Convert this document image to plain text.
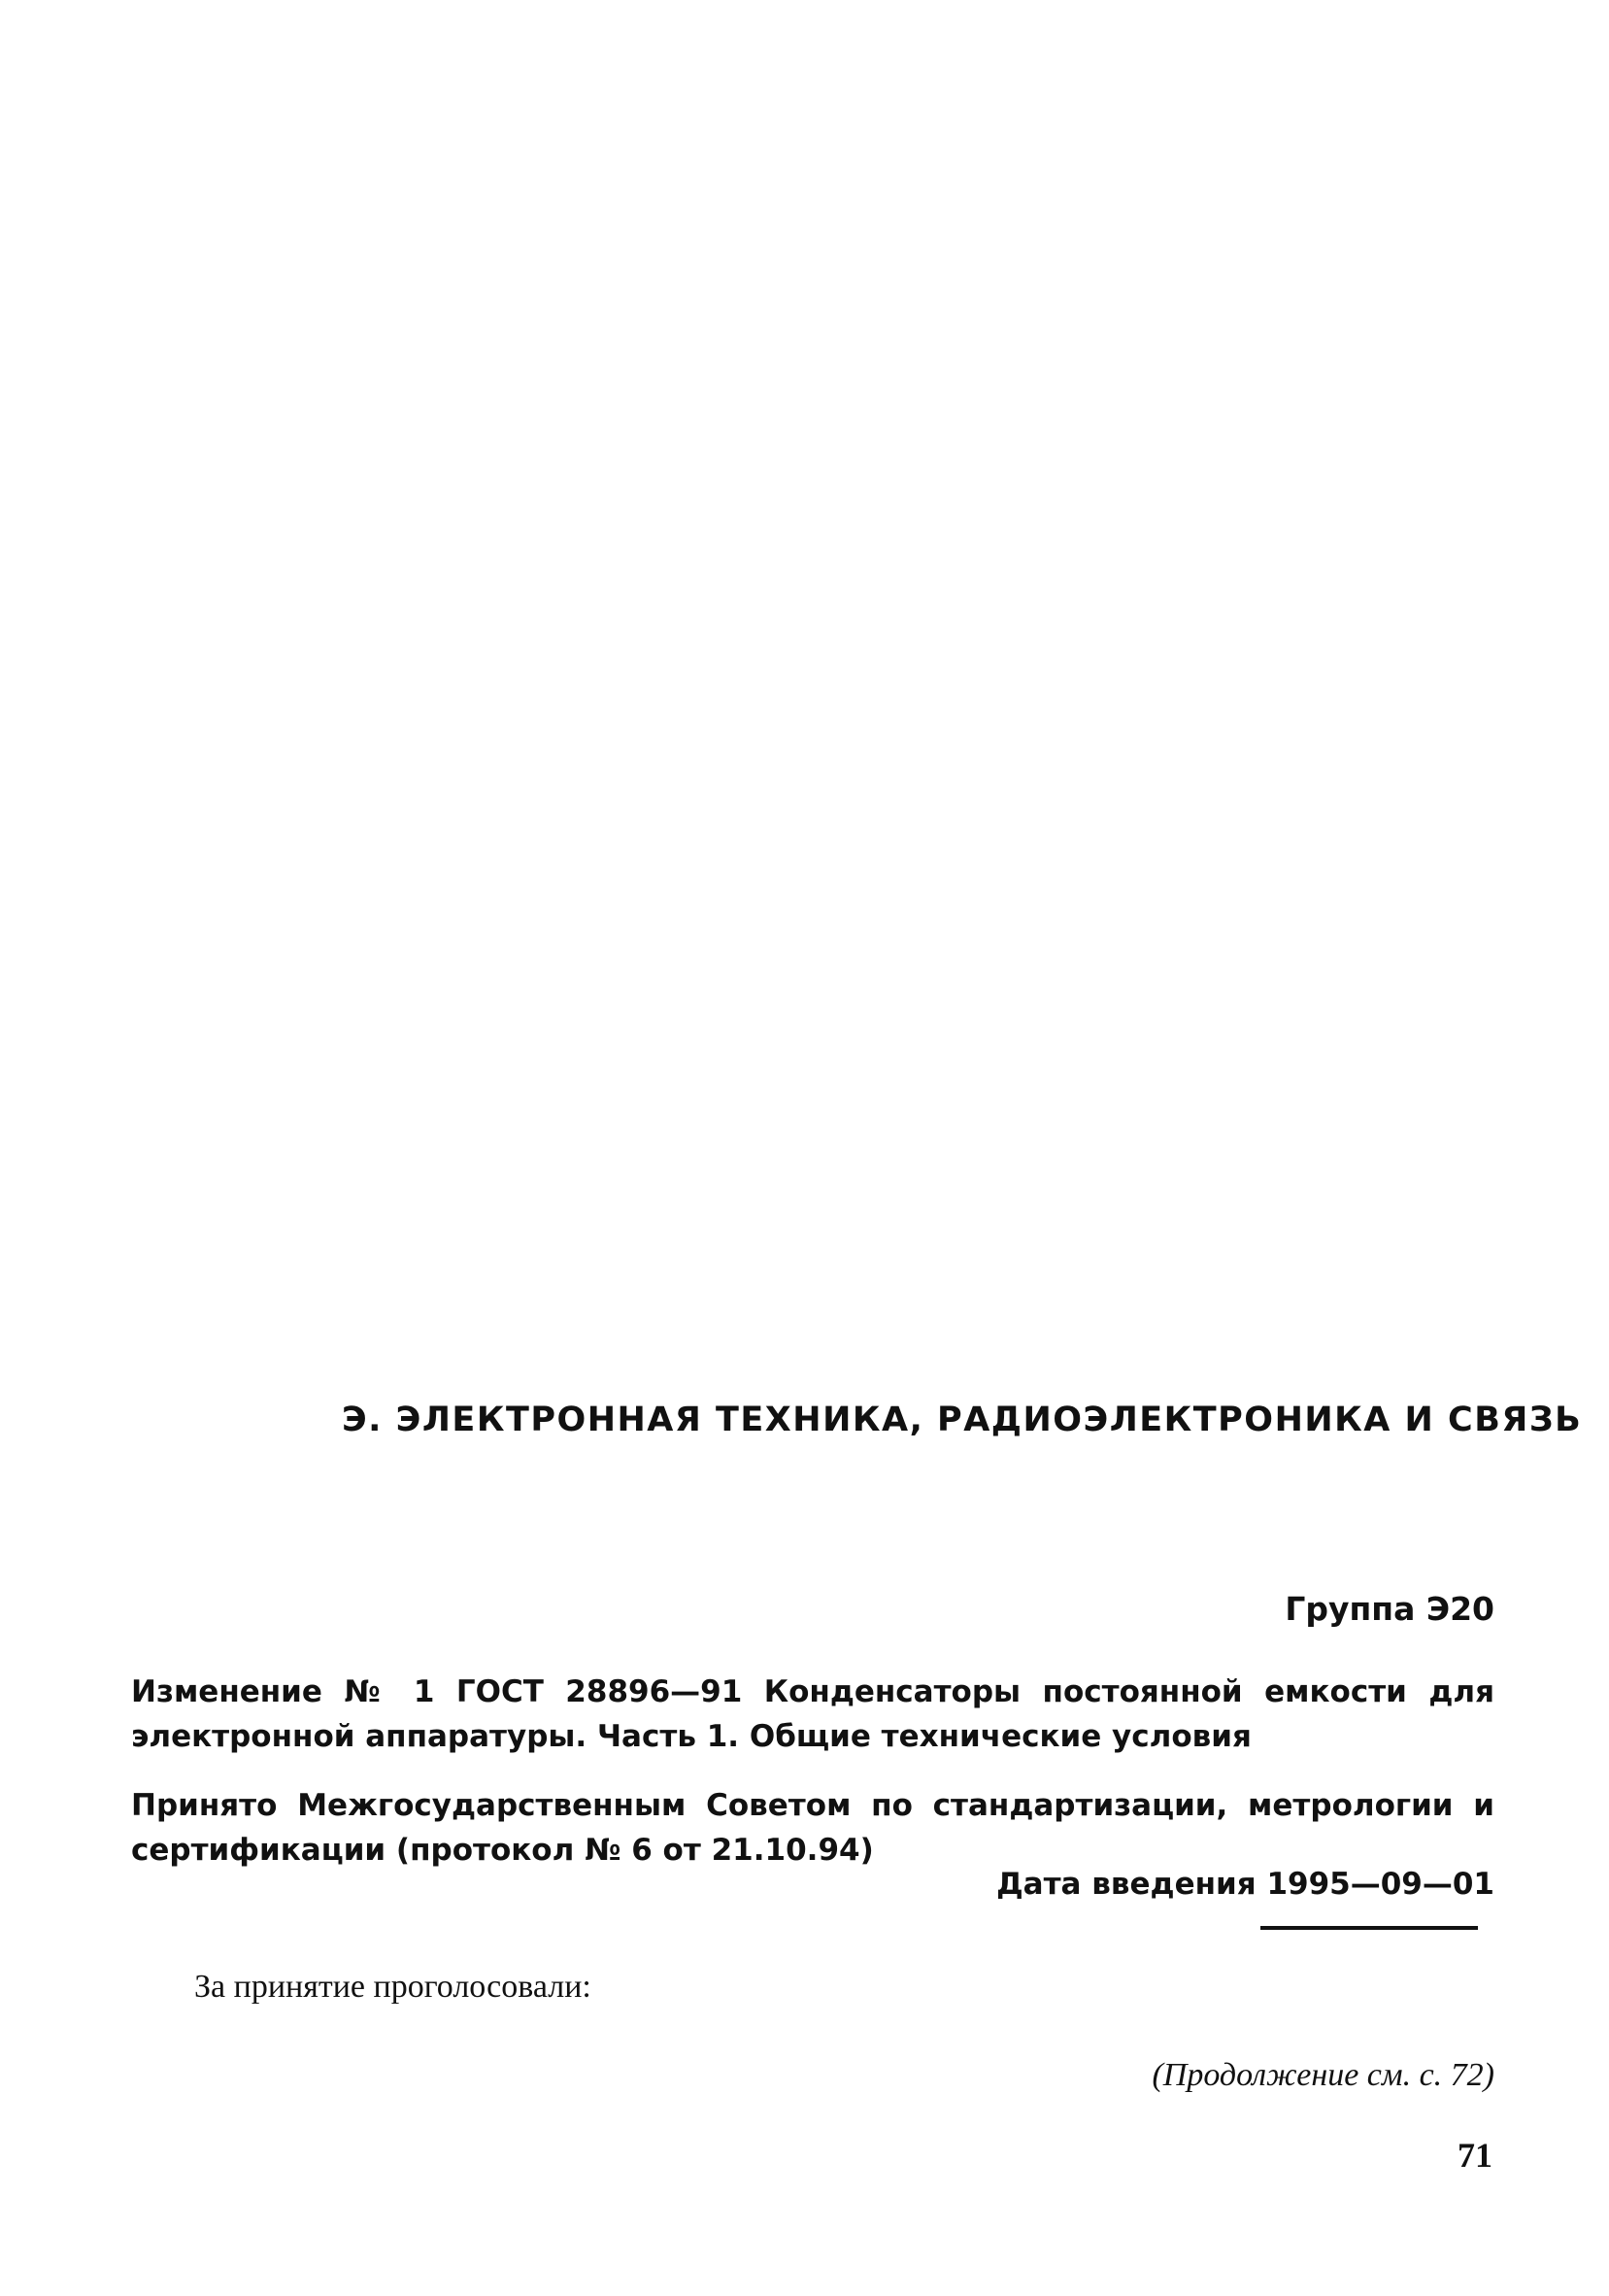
Э. ЭЛЕКТРОННАЯ ТЕХНИКА, РАДИОЭЛЕКТРОНИКА И СВЯЗЬ
Группа Э20
Изменение № 1 ГОСТ 28896—91 Конденсаторы постоянной емкости для электронной аппаратуры. Часть 1. Общие технические условия
Принято Межгосударственным Советом по стандартизации, метрологии и сертификации (протокол № 6 от 21.10.94)
Дата введения 1995—09—01
За принятие проголосовали:
(Продолжение см. с. 72)
71
